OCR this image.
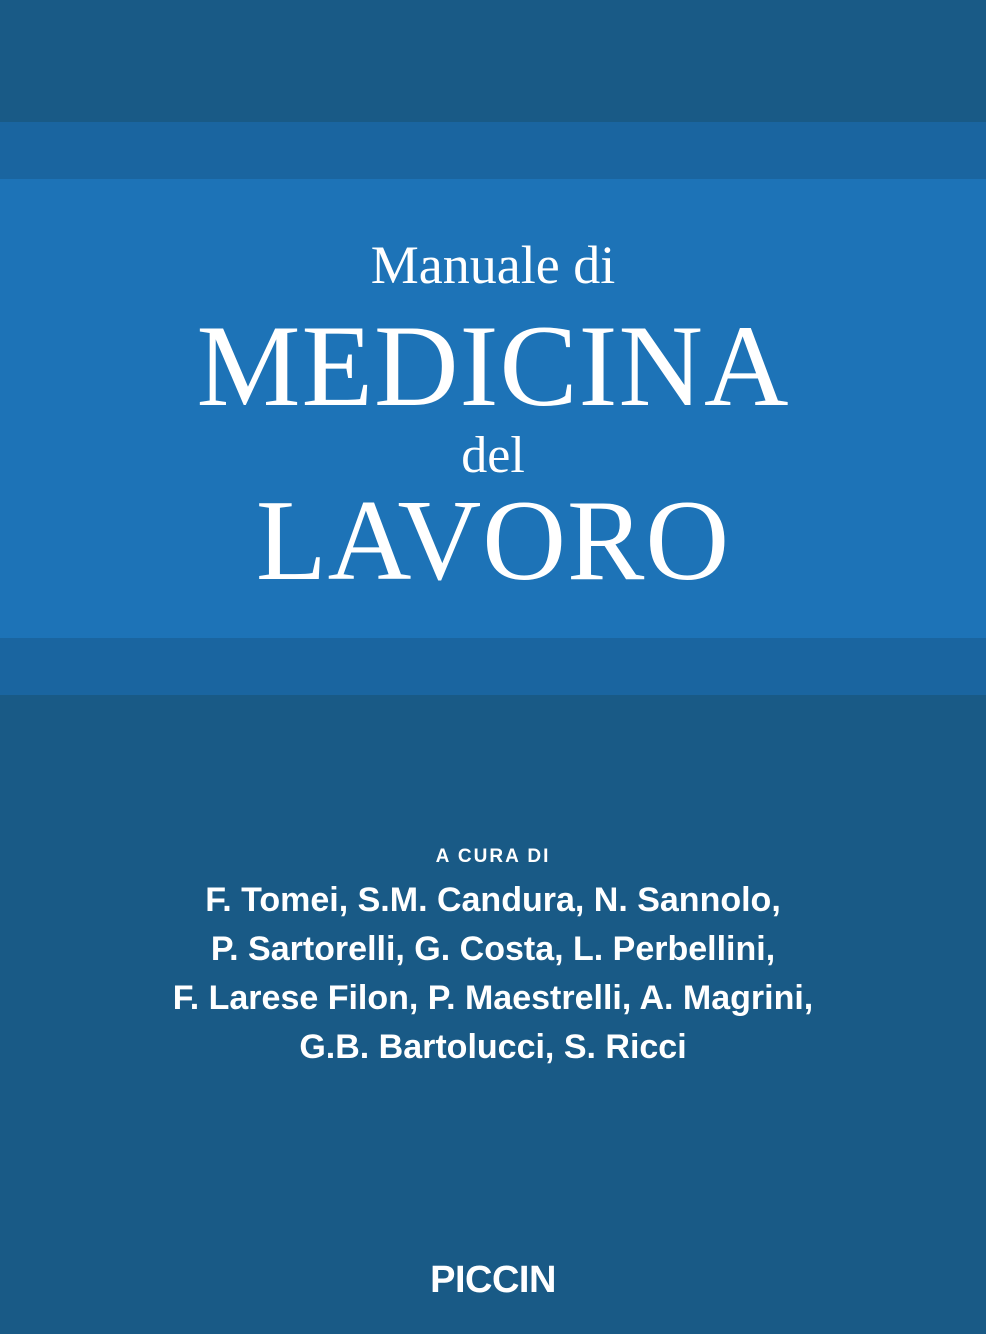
Manuale di
MEDICINA
del
LAVORO
A CURA DI
F. Tomei, S.M. Candura, N. Sannolo,
P. Sartorelli, G. Costa, L. Perbellini,
F. Larese Filon, P. Maestrelli, A. Magrini,
G.B. Bartolucci, S. Ricci
PICCIN
